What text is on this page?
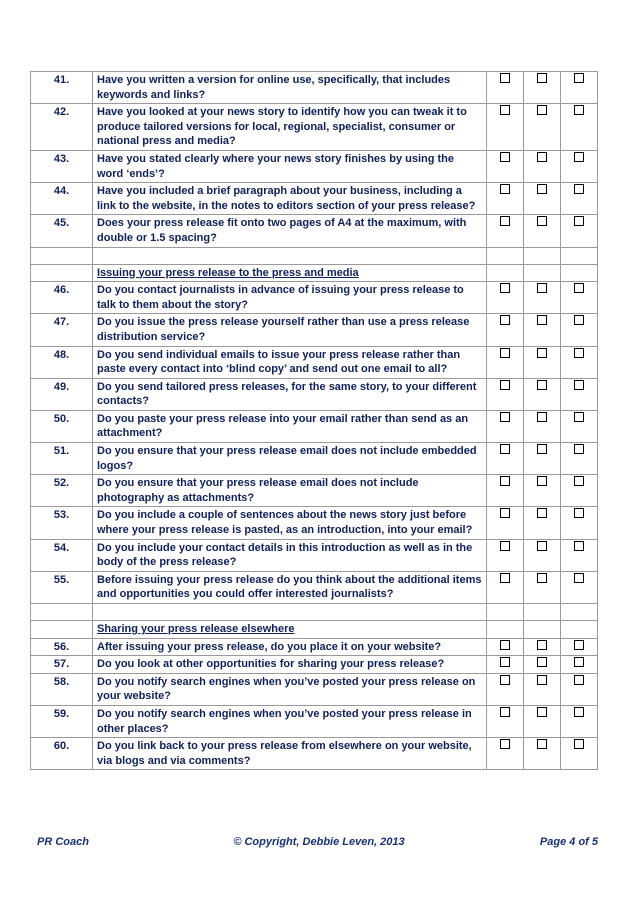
41.	Have you written a version for online use, specifically, that includes keywords and links?			
42.	Have you looked at your news story to identify how you can tweak it to produce tailored versions for local, regional, specialist, consumer or national press and media?			
43.	Have you stated clearly where your news story finishes by using the word ‘ends’?			
44.	Have you included a brief paragraph about your business, including a link to the website, in the notes to editors section of your press release?			
45.	Does your press release fit onto two pages of A4 at the maximum, with double or 1.5 spacing?			

	Issuing your press release to the press and media			
46.	Do you contact journalists in advance of issuing your press release to talk to them about the story?			
47.	Do you issue the press release yourself rather than use a press release distribution service?			
48.	Do you send individual emails to issue your press release rather than paste every contact into ‘blind copy’ and send out one email to all?			
49.	Do you send tailored press releases, for the same story, to your different contacts?			
50.	Do you paste your press release into your email rather than send as an attachment?			
51.	Do you ensure that your press release email does not include embedded logos?			
52.	Do you ensure that your press release email does not include photography as attachments?			
53.	Do you include a couple of sentences about the news story just before where your press release is pasted, as an introduction, into your email?			
54.	Do you include your contact details in this introduction as well as in the body of the press release?			
55.	Before issuing your press release do you think about the additional items and opportunities you could offer interested journalists?			

	Sharing your press release elsewhere			
56.	After issuing your press release, do you place it on your website?			
57.	Do you look at other opportunities for sharing your press release?			
58.	Do you notify search engines when you’ve posted your press release on your website?			
59.	Do you notify search engines when you’ve posted your press release in other places?			
60.	Do you link back to your press release from elsewhere on your website, via blogs and via comments?			
PR Coach	© Copyright, Debbie Leven, 2013	Page 4 of 5
